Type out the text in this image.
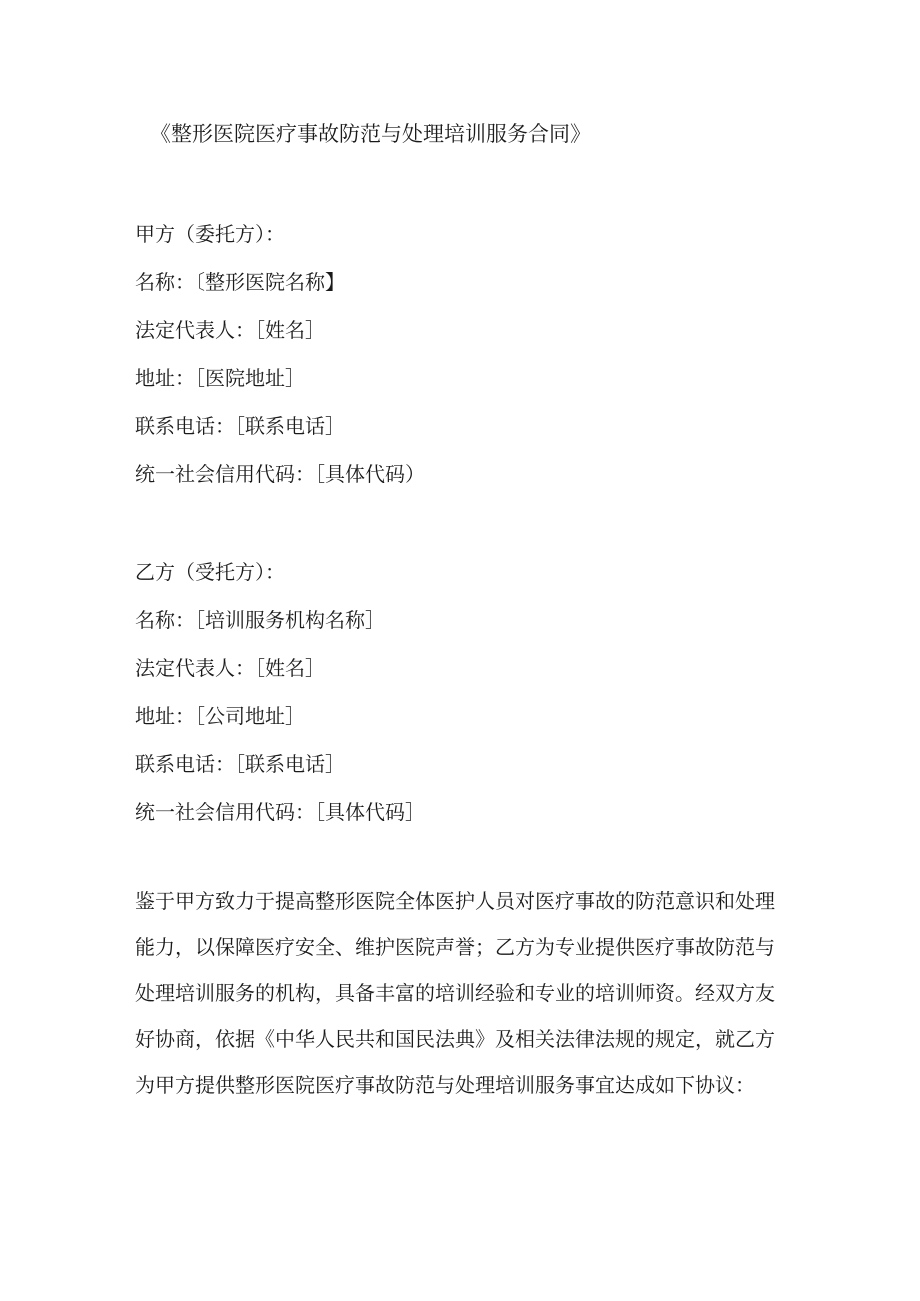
《整形医院医疗事故防范与处理培训服务合同》
甲方（委托方）：
名称：〔整形医院名称】
法定代表人：［姓名］
地址：［医院地址］
联系电话：［联系电话］
统一社会信用代码：［具体代码）
乙方（受托方）：
名称：［培训服务机构名称］
法定代表人：［姓名］
地址：［公司地址］
联系电话：［联系电话］
统一社会信用代码：［具体代码］
鉴于甲方致力于提高整形医院全体医护人员对医疗事故的防范意识和处理能力，以保障医疗安全、维护医院声誉；乙方为专业提供医疗事故防范与处理培训服务的机构，具备丰富的培训经验和专业的培训师资。经双方友好协商，依据《中华人民共和国民法典》及相关法律法规的规定，就乙方为甲方提供整形医院医疗事故防范与处理培训服务事宜达成如下协议：
